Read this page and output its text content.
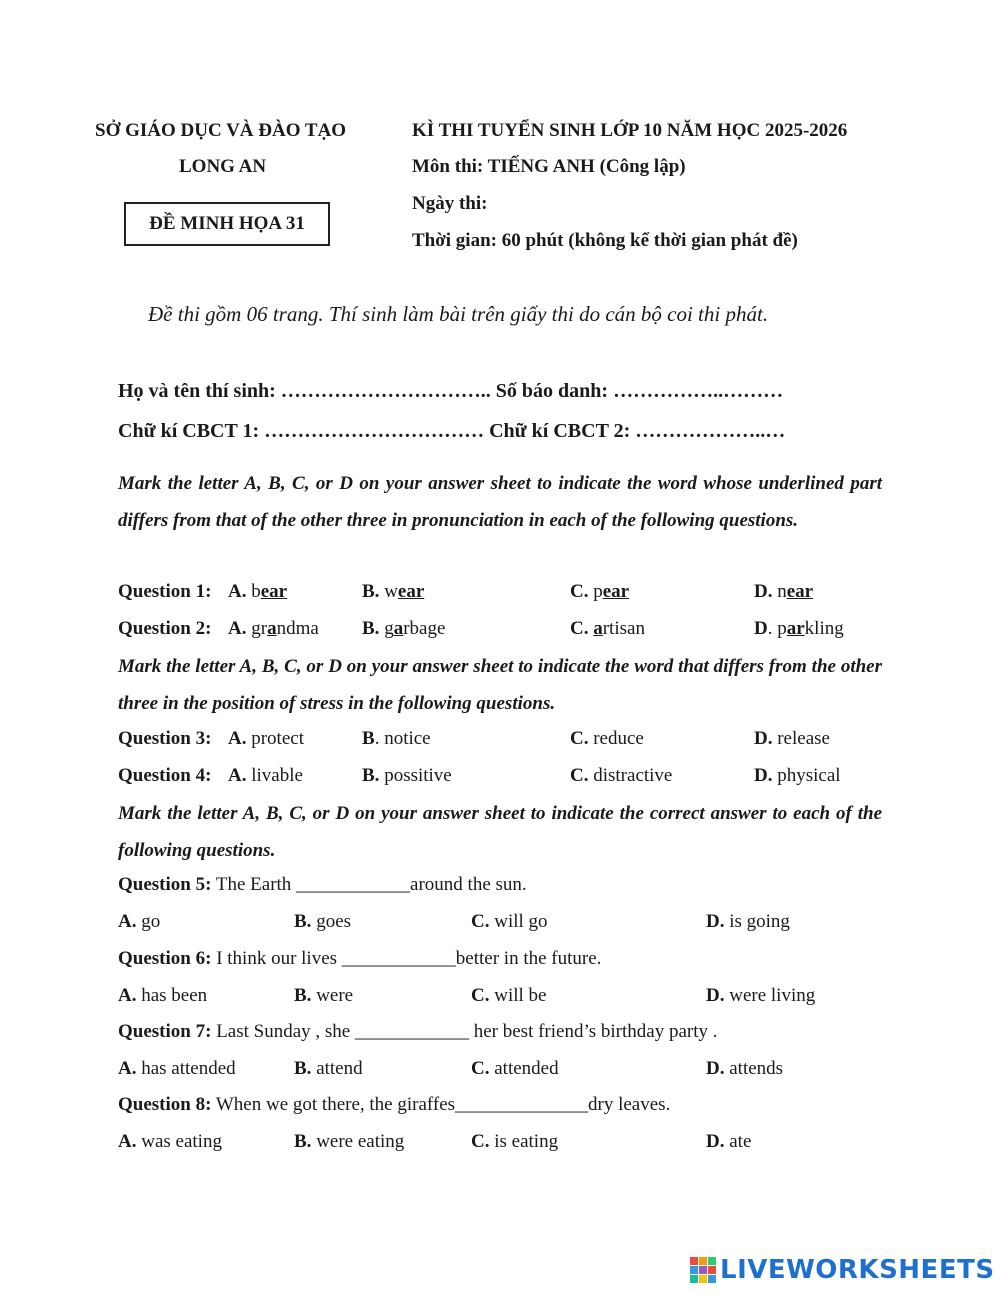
SỞ GIÁO DỤC VÀ ĐÀO TẠO
LONG AN
ĐỀ MINH HỌA 31
KÌ THI TUYỂN SINH LỚP 10 NĂM HỌC 2025-2026
Môn thi: TIẾNG ANH (Công lập)
Ngày thi:
Thời gian: 60 phút (không kể thời gian phát đề)
Đề thi gồm 06 trang. Thí sinh làm bài trên giấy thi do cán bộ coi thi phát.
Họ và tên thí sinh: ………………………….. Số báo danh: ……………..………
Chữ kí CBCT 1: …………………………… Chữ kí CBCT 2: ………………..…
Mark the letter A, B, C, or D on your answer sheet to indicate the word whose underlined part differs from that of the other three in pronunciation in each of the following questions.
Question 1: A. bear	B. wear	C. pear	D. near
Question 2: A. grandma B. garbage	C. artisan	D. parkling
Mark the letter A, B, C, or D on your answer sheet to indicate the word that differs from the other three in the position of stress in the following questions.
Question 3: A. protect	B. notice	C. reduce	D. release
Question 4: A. livable	B. possitive	C. distractive	D. physical
Mark the letter A, B, C, or D on your answer sheet to indicate the correct answer to each of the following questions.
Question 5: The Earth ____________around the sun.
A. go	B. goes	C. will go	D. is going
Question 6: I think our lives ____________better in the future.
A. has been	B. were	C. will be	D. were living
Question 7: Last Sunday , she ____________ her best friend’s birthday party .
A. has attended	B. attend	C. attended	D. attends
Question 8: When we got there, the giraffes______________dry leaves.
A. was eating	B. were eating	C. is eating	D. ate
LIVEWORKSHEETS
